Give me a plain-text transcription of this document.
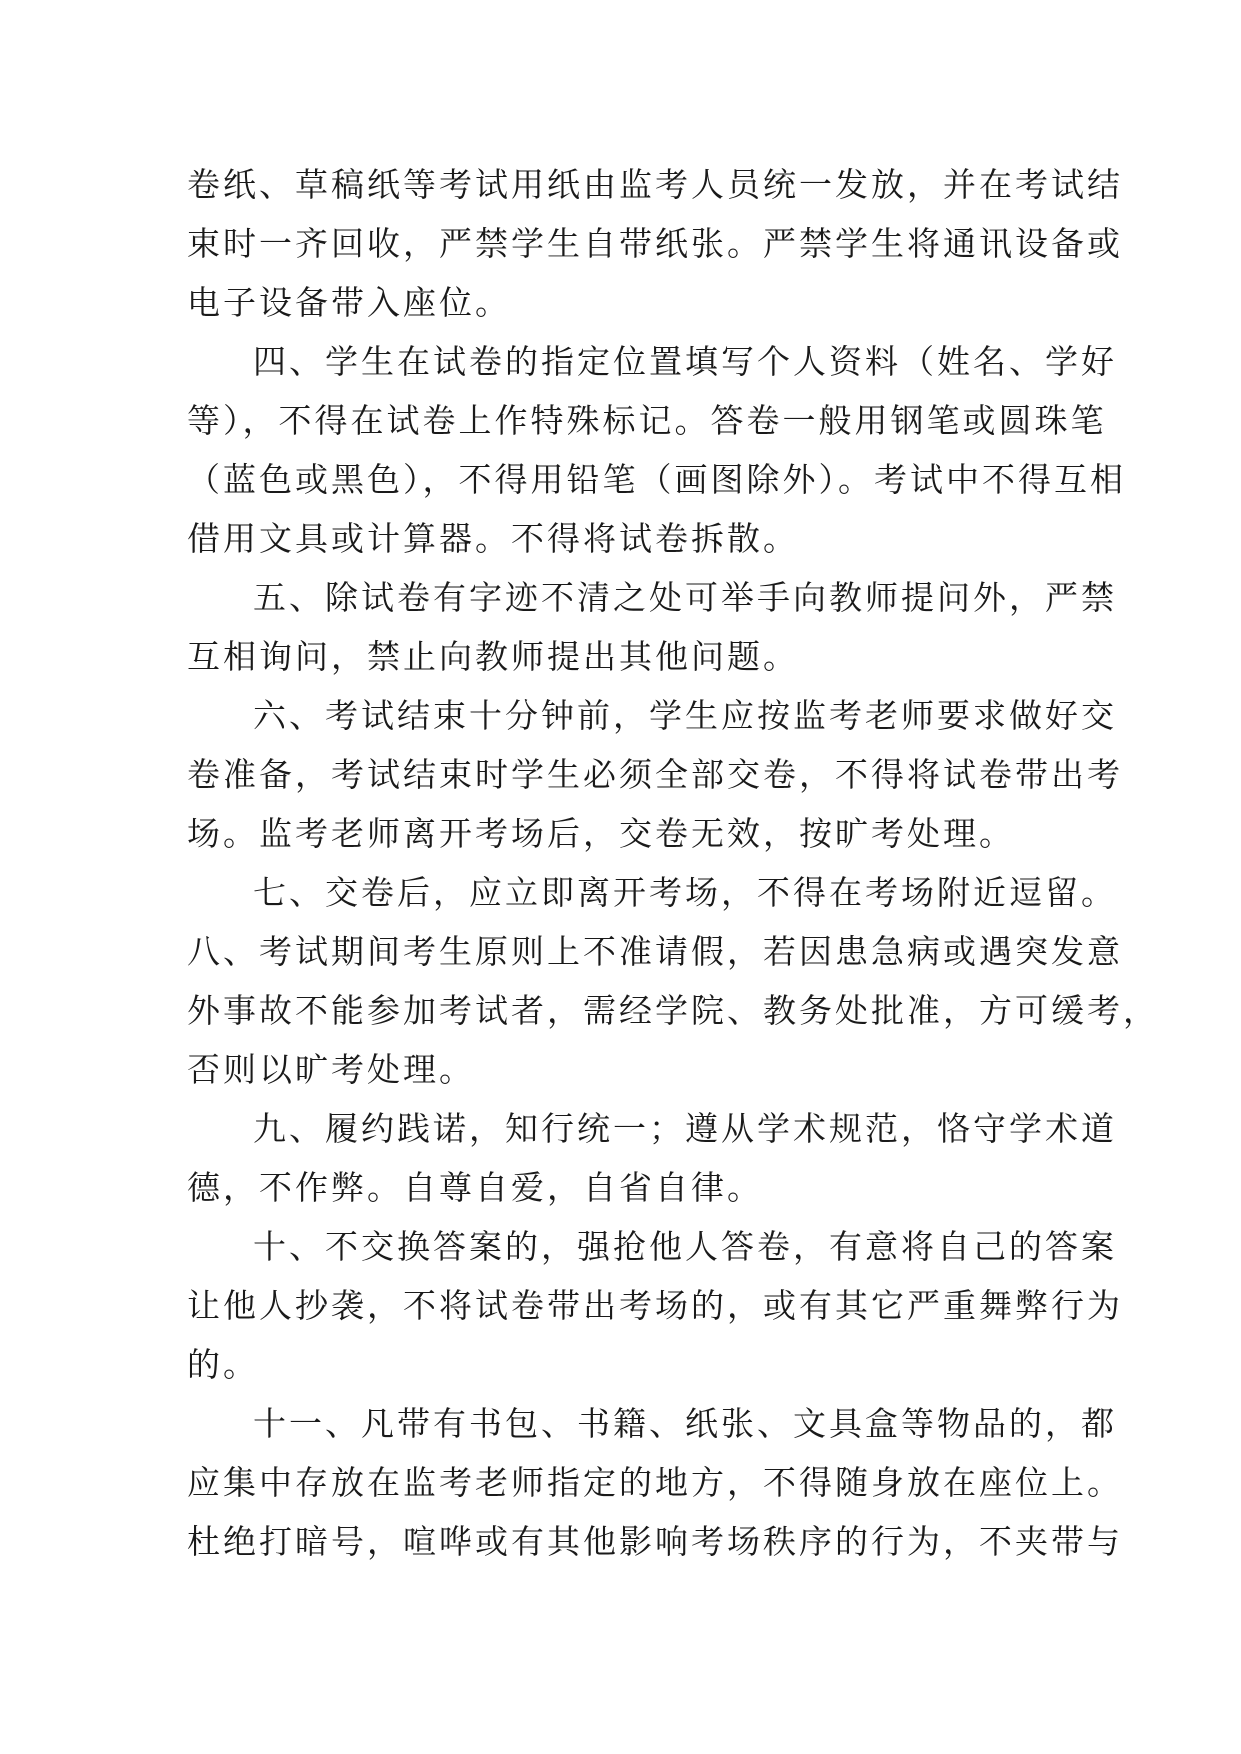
卷纸、草稿纸等考试用纸由监考人员统一发放，并在考试结
束时一齐回收，严禁学生自带纸张。严禁学生将通讯设备或
电子设备带入座位。
四、学生在试卷的指定位置填写个人资料（姓名、学好
等），不得在试卷上作特殊标记。答卷一般用钢笔或圆珠笔
（蓝色或黑色），不得用铅笔（画图除外）。考试中不得互相
借用文具或计算器。不得将试卷拆散。
五、除试卷有字迹不清之处可举手向教师提问外，严禁
互相询问，禁止向教师提出其他问题。
六、考试结束十分钟前，学生应按监考老师要求做好交
卷准备，考试结束时学生必须全部交卷，不得将试卷带出考
场。监考老师离开考场后，交卷无效，按旷考处理。
七、交卷后，应立即离开考场，不得在考场附近逗留。
八、考试期间考生原则上不准请假，若因患急病或遇突发意
外事故不能参加考试者，需经学院、教务处批准，方可缓考，
否则以旷考处理。
九、履约践诺，知行统一；遵从学术规范，恪守学术道
德，不作弊。自尊自爱，自省自律。
十、不交换答案的，强抢他人答卷，有意将自己的答案
让他人抄袭，不将试卷带出考场的，或有其它严重舞弊行为
的。
十一、凡带有书包、书籍、纸张、文具盒等物品的，都
应集中存放在监考老师指定的地方，不得随身放在座位上。
杜绝打暗号，喧哗或有其他影响考场秩序的行为，不夹带与
